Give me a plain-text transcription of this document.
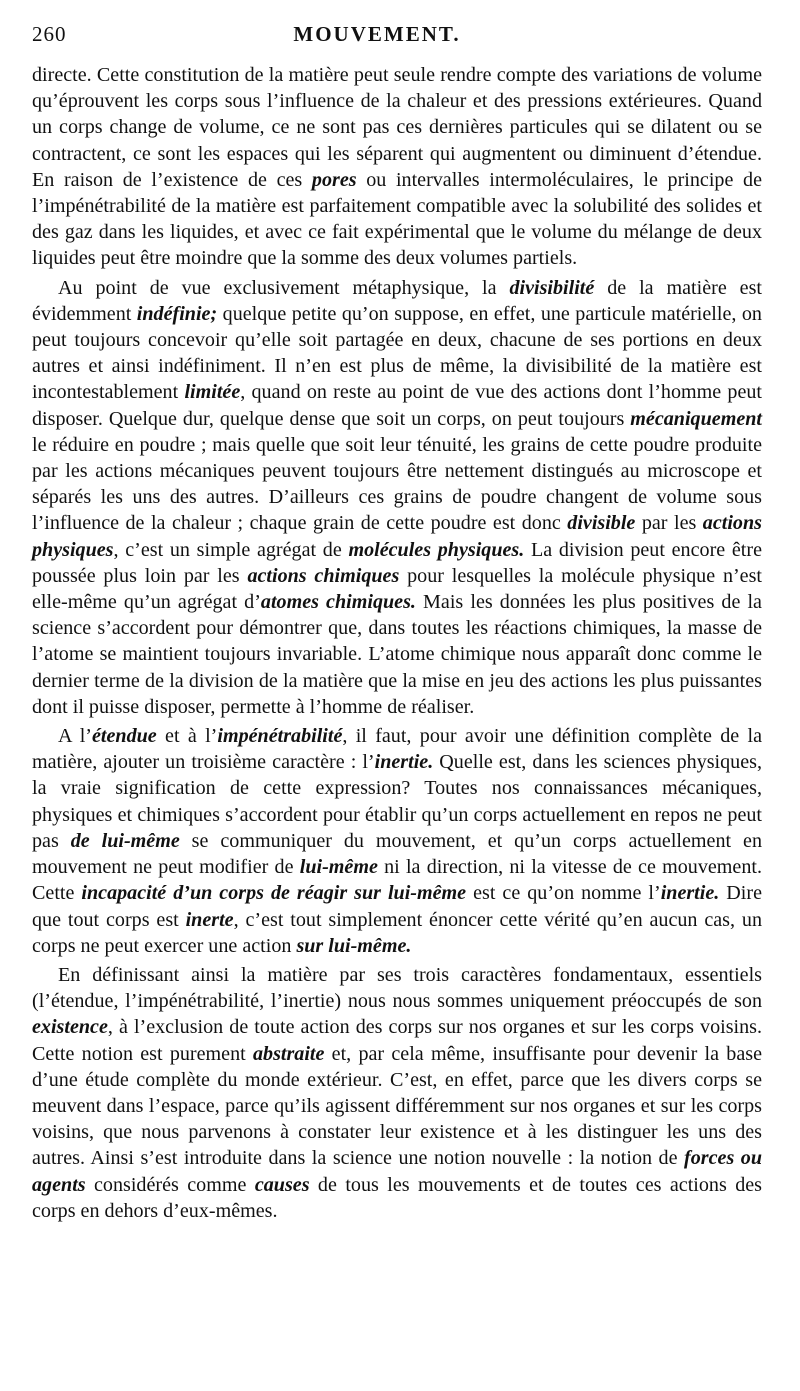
260	MOUVEMENT.

directe. Cette constitution de la matière peut seule rendre compte des variations de volume qu’éprouvent les corps sous l’influence de la chaleur et des pressions extérieures. Quand un corps change de volume, ce ne sont pas ces dernières particules qui se dilatent ou se contractent, ce sont les espaces qui les séparent qui augmentent ou diminuent d’étendue. En raison de l’existence de ces pores ou intervalles intermoléculaires, le principe de l’impénétrabilité de la matière est parfaitement compatible avec la solubilité des solides et des gaz dans les liquides, et avec ce fait expérimental que le volume du mélange de deux liquides peut être moindre que la somme des deux volumes partiels.

Au point de vue exclusivement métaphysique, la divisibilité de la matière est évidemment indéfinie; quelque petite qu’on suppose, en effet, une particule matérielle, on peut toujours concevoir qu’elle soit partagée en deux, chacune de ses portions en deux autres et ainsi indéfiniment. Il n’en est plus de même, la divisibilité de la matière est incontestablement limitée, quand on reste au point de vue des actions dont l’homme peut disposer. Quelque dur, quelque dense que soit un corps, on peut toujours mécaniquement le réduire en poudre ; mais quelle que soit leur ténuité, les grains de cette poudre produite par les actions mécaniques peuvent toujours être nettement distingués au microscope et séparés les uns des autres. D’ailleurs ces grains de poudre changent de volume sous l’influence de la chaleur ; chaque grain de cette poudre est donc divisible par les actions physiques, c’est un simple agrégat de molécules physiques. La division peut encore être poussée plus loin par les actions chimiques pour lesquelles la molécule physique n’est elle-même qu’un agrégat d’atomes chimiques. Mais les données les plus positives de la science s’accordent pour démontrer que, dans toutes les réactions chimiques, la masse de l’atome se maintient toujours invariable. L’atome chimique nous apparaît donc comme le dernier terme de la division de la matière que la mise en jeu des actions les plus puissantes dont il puisse disposer, permette à l’homme de réaliser.

A l’étendue et à l’impénétrabilité, il faut, pour avoir une définition complète de la matière, ajouter un troisième caractère : l’inertie. Quelle est, dans les sciences physiques, la vraie signification de cette expression? Toutes nos connaissances mécaniques, physiques et chimiques s’accordent pour établir qu’un corps actuellement en repos ne peut pas de lui-même se communiquer du mouvement, et qu’un corps actuellement en mouvement ne peut modifier de lui-même ni la direction, ni la vitesse de ce mouvement. Cette incapacité d’un corps de réagir sur lui-même est ce qu’on nomme l’inertie. Dire que tout corps est inerte, c’est tout simplement énoncer cette vérité qu’en aucun cas, un corps ne peut exercer une action sur lui-même.

En définissant ainsi la matière par ses trois caractères fondamentaux, essentiels (l’étendue, l’impénétrabilité, l’inertie) nous nous sommes uniquement préoccupés de son existence, à l’exclusion de toute action des corps sur nos organes et sur les corps voisins. Cette notion est purement abstraite et, par cela même, insuffisante pour devenir la base d’une étude complète du monde extérieur. C’est, en effet, parce que les divers corps se meuvent dans l’espace, parce qu’ils agissent différemment sur nos organes et sur les corps voisins, que nous parvenons à constater leur existence et à les distinguer les uns des autres. Ainsi s’est introduite dans la science une notion nouvelle : la notion de forces ou agents considérés comme causes de tous les mouvements et de toutes ces actions des corps en dehors d’eux-mêmes.
